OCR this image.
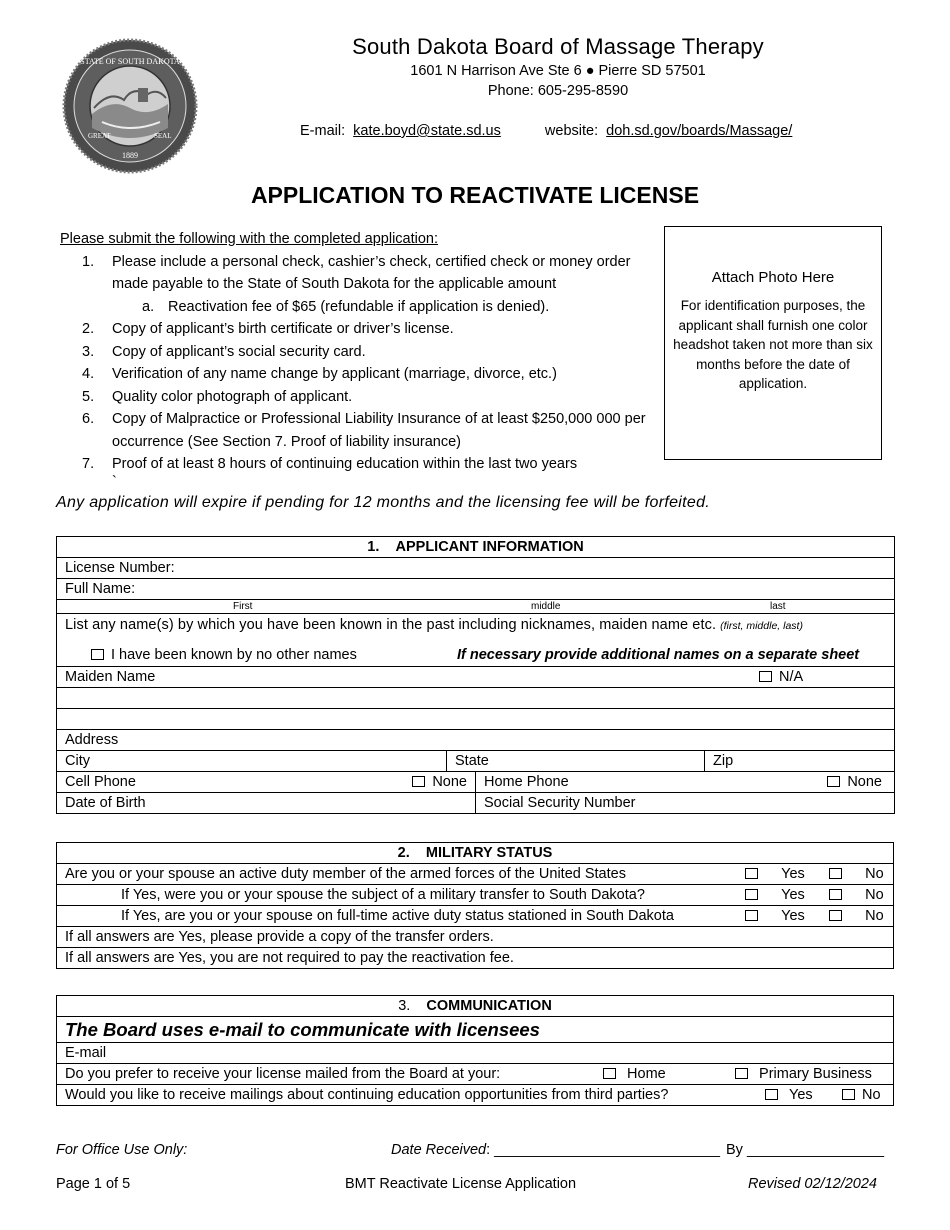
STATE OF SOUTH DAKOTA
1889
GREAT	SEAL
South Dakota Board of Massage Therapy
1601 N Harrison Ave Ste 6 ● Pierre SD 57501
Phone: 605-295-8590
E-mail: kate.boyd@state.sd.us	website: doh.sd.gov/boards/Massage/
APPLICATION TO REACTIVATE LICENSE
Please submit the following with the completed application:
1. Please include a personal check, cashier’s check, certified check or money order made payable to the State of South Dakota for the applicable amount
a. Reactivation fee of $65 (refundable if application is denied).
2. Copy of applicant’s birth certificate or driver’s license.
3. Copy of applicant’s social security card.
4. Verification of any name change by applicant (marriage, divorce, etc.)
5. Quality color photograph of applicant.
6. Copy of Malpractice or Professional Liability Insurance of at least $250,000 000 per occurrence (See Section 7. Proof of liability insurance)
7. Proof of at least 8 hours of continuing education within the last two years
`
Attach Photo Here
For identification purposes, the applicant shall furnish one color headshot taken not more than six months before the date of application.
Any application will expire if pending for 12 months and the licensing fee will be forfeited.
1. APPLICANT INFORMATION			
License Number:			
Full Name:			

First middle last			

List any name(s) by which you have been known in the past including nicknames, maiden name etc. (first, middle, last)
I have been known by no other names If necessary provide additional names on a separate sheet			

Maiden Name N/A			

Address			
City	State		Zip
Cell Phone None		Home Phone None	

Date of Birth		Social Security Number	
2. MILITARY STATUS
Are you or your spouse an active duty member of the armed forces of the United States	Yes	No

If Yes, were you or your spouse the subject of a military transfer to South Dakota?	Yes	No

If Yes, are you or your spouse on full-time active duty status stationed in South Dakota	Yes	No

If all answers are Yes, please provide a copy of the transfer orders.
If all answers are Yes, you are not required to pay the reactivation fee.
3. COMMUNICATION
The Board uses e-mail to communicate with licensees
E-mail
Do you prefer to receive your license mailed from the Board at your:	Home	Primary Business

Would you like to receive mailings about continuing education opportunities from third parties?	Yes	No
For Office Use Only:	Date Received: ____________________________ By _________________
Page 1 of 5	BMT Reactivate License Application	Revised 02/12/2024
